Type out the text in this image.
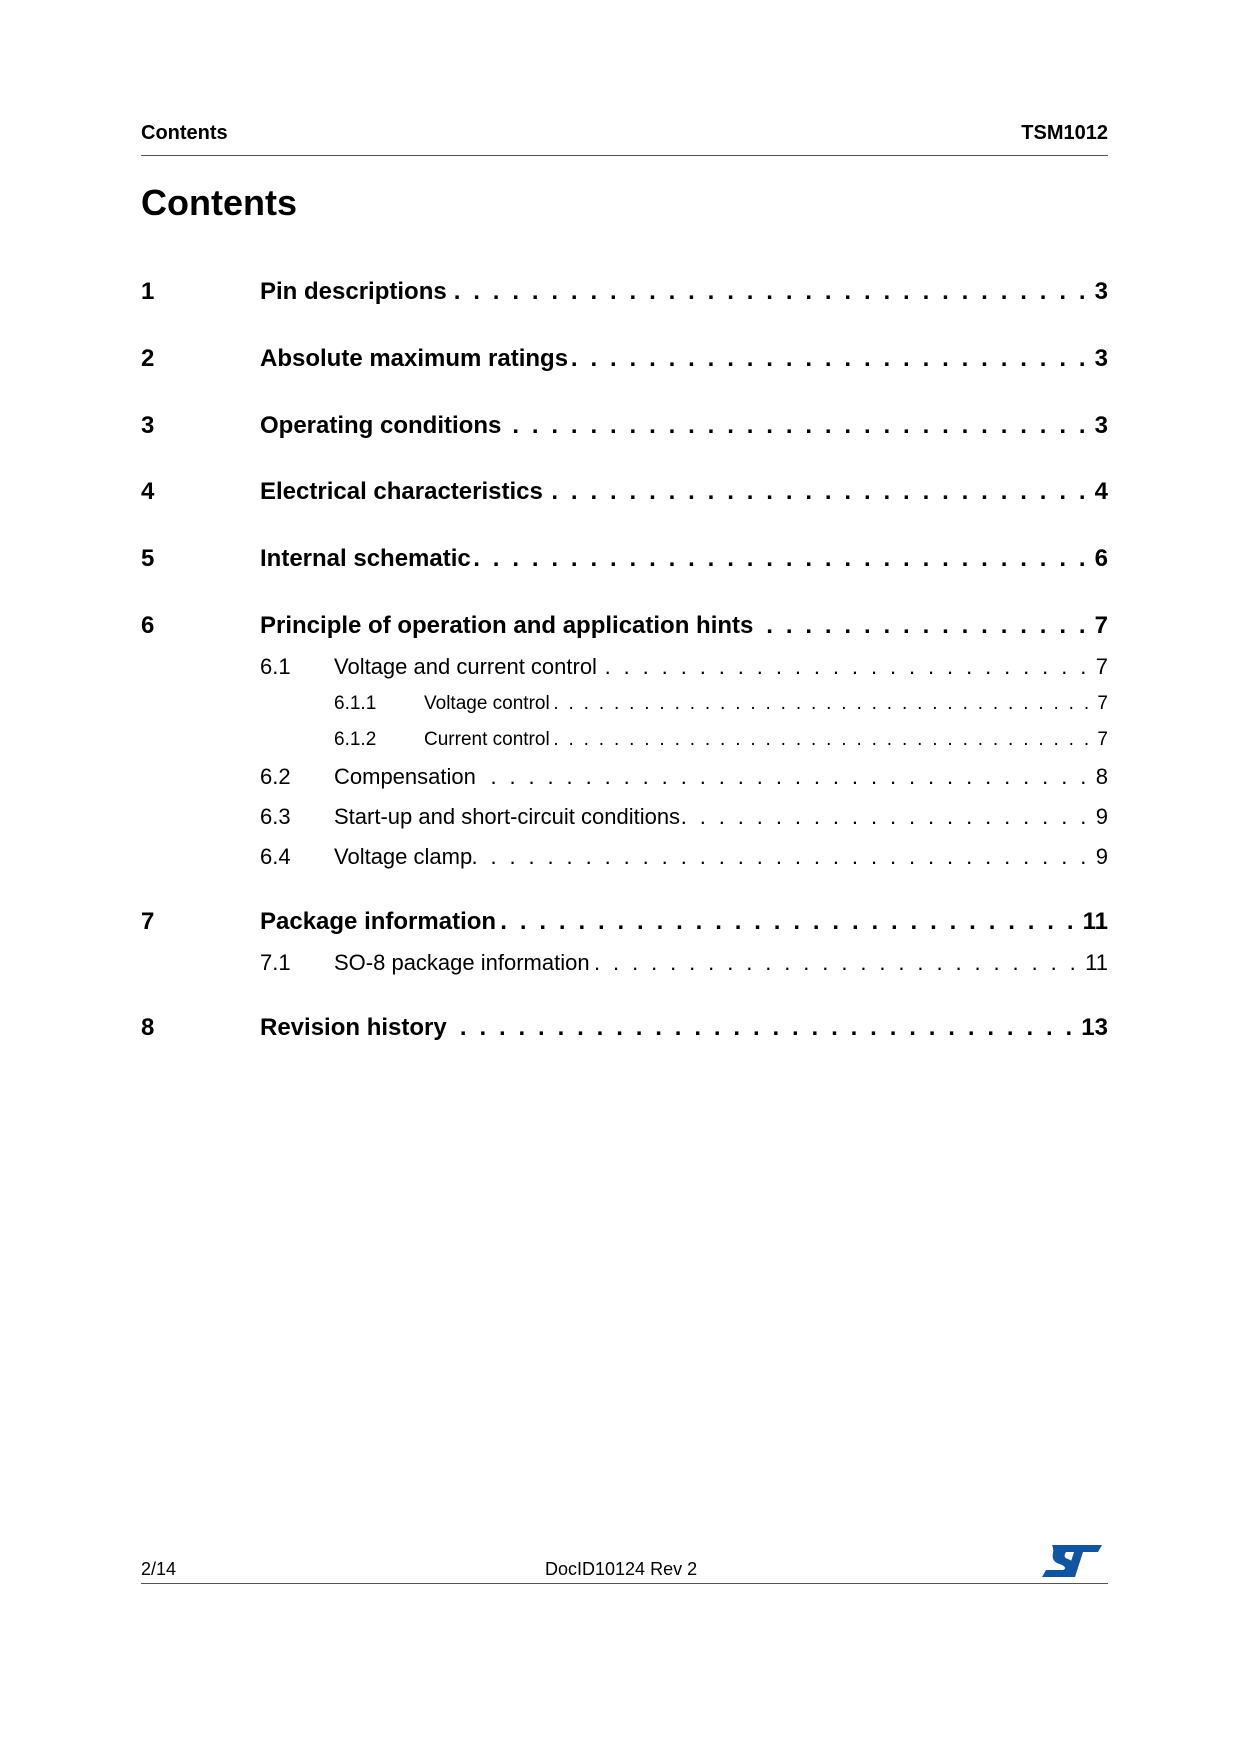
Contents	TSM1012
Contents
1	Pin descriptions . . .	3
2	Absolute maximum ratings . . .	3
3	Operating conditions . . .	3
4	Electrical characteristics . . .	4
5	Internal schematic . . .	6
6	Principle of operation and application hints . . .	7
6.1 Voltage and current control . . .	7
6.1.1	Voltage control . . .	7
6.1.2	Current control . . .	7
6.2 Compensation . . .	8
6.3 Start-up and short-circuit conditions . . .	9
6.4 Voltage clamp . . .	9
7	Package information . . .	11
7.1 SO-8 package information . . .	11
8	Revision history . . .	13
2/14	DocID10124 Rev 2
